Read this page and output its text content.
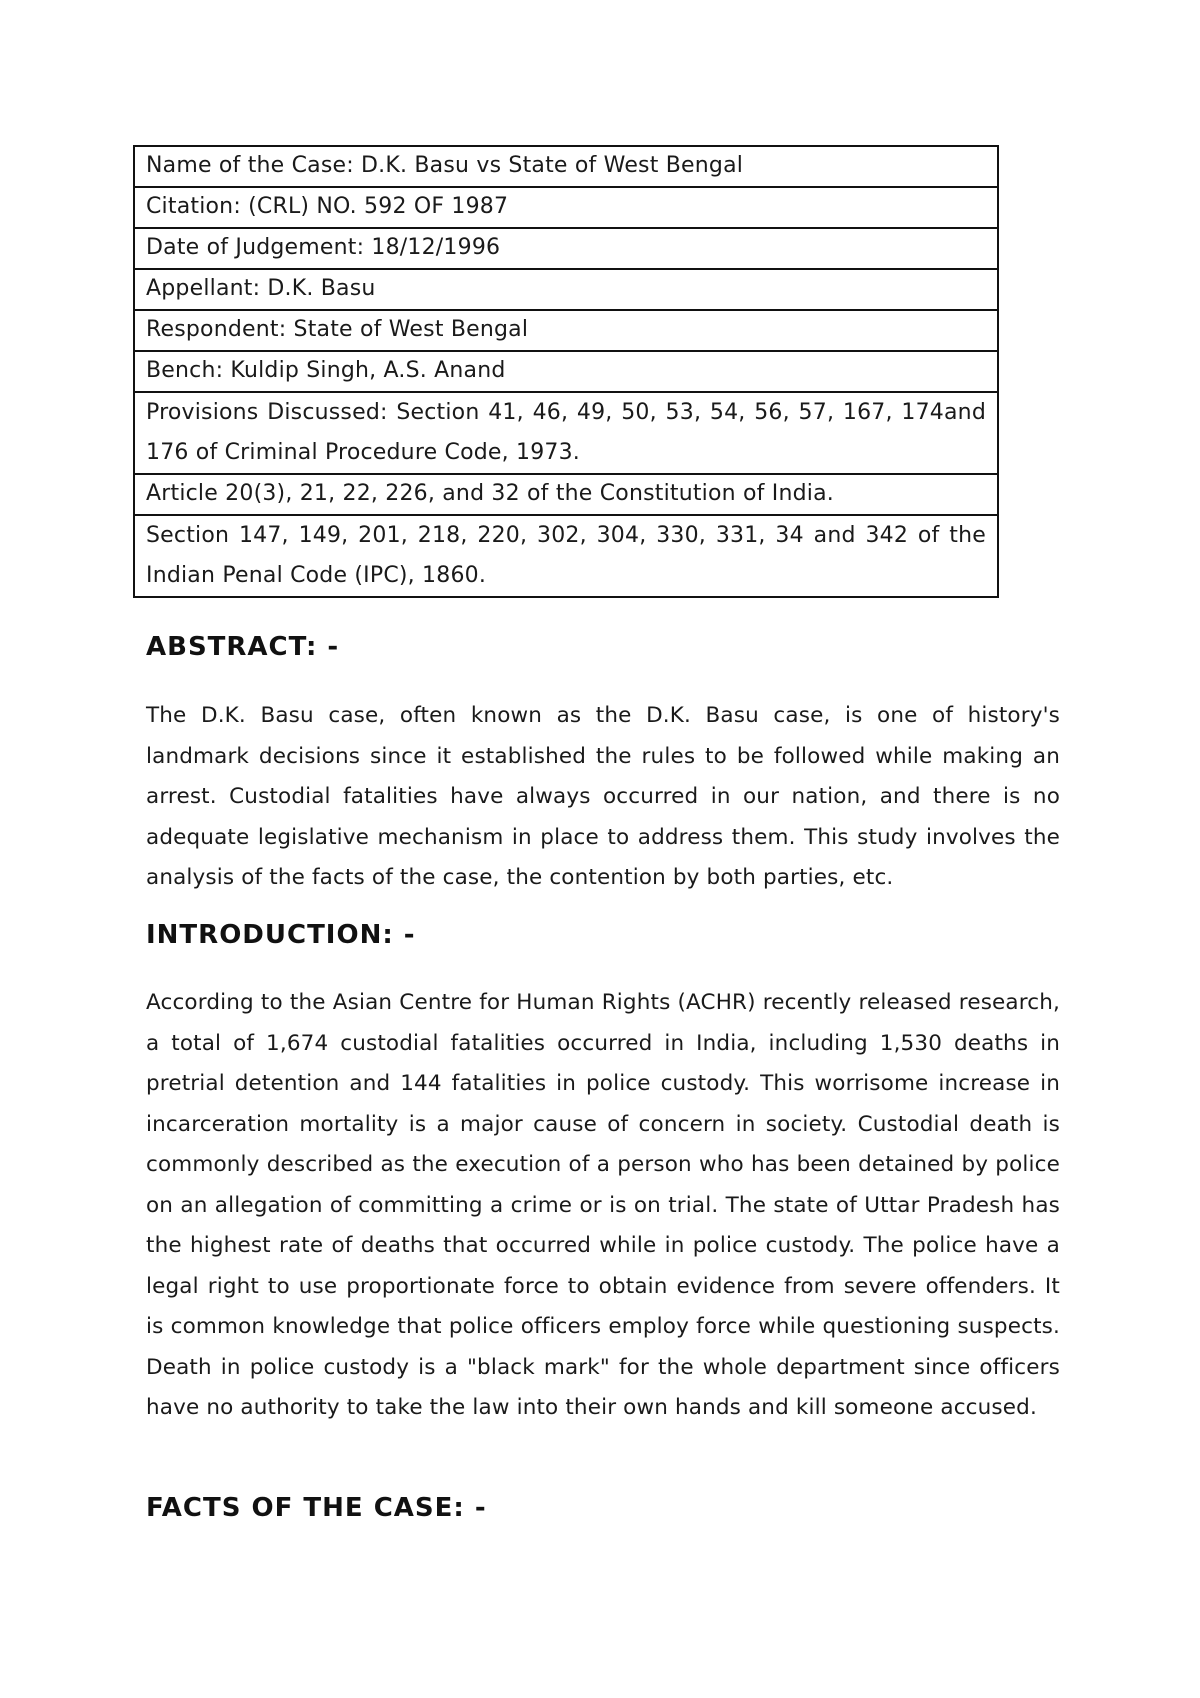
Name of the Case: D.K. Basu vs State of West Bengal
Citation: (CRL) NO. 592 OF 1987
Date of Judgement: 18/12/1996
Appellant: D.K. Basu
Respondent: State of West Bengal
Bench: Kuldip Singh, A.S. Anand
Provisions Discussed: Section 41, 46, 49, 50, 53, 54, 56, 57, 167, 174and 176 of Criminal Procedure Code, 1973.
Article 20(3), 21, 22, 226, and 32 of the Constitution of India.
Section 147, 149, 201, 218, 220, 302, 304, 330, 331, 34 and 342 of the Indian Penal Code (IPC), 1860.
ABSTRACT: -

The D.K. Basu case, often known as the D.K. Basu case, is one of history's landmark decisions since it established the rules to be followed while making an arrest. Custodial fatalities have always occurred in our nation, and there is no adequate legislative mechanism in place to address them. This study involves the analysis of the facts of the case, the contention by both parties, etc.

INTRODUCTION: -

According to the Asian Centre for Human Rights (ACHR) recently released research, a total of 1,674 custodial fatalities occurred in India, including 1,530 deaths in pretrial detention and 144 fatalities in police custody. This worrisome increase in incarceration mortality is a major cause of concern in society. Custodial death is commonly described as the execution of a person who has been detained by police on an allegation of committing a crime or is on trial. The state of Uttar Pradesh has the highest rate of deaths that occurred while in police custody. The police have a legal right to use proportionate force to obtain evidence from severe offenders. It is common knowledge that police officers employ force while questioning suspects. Death in police custody is a "black mark" for the whole department since officers have no authority to take the law into their own hands and kill someone accused.

FACTS OF THE CASE: -
